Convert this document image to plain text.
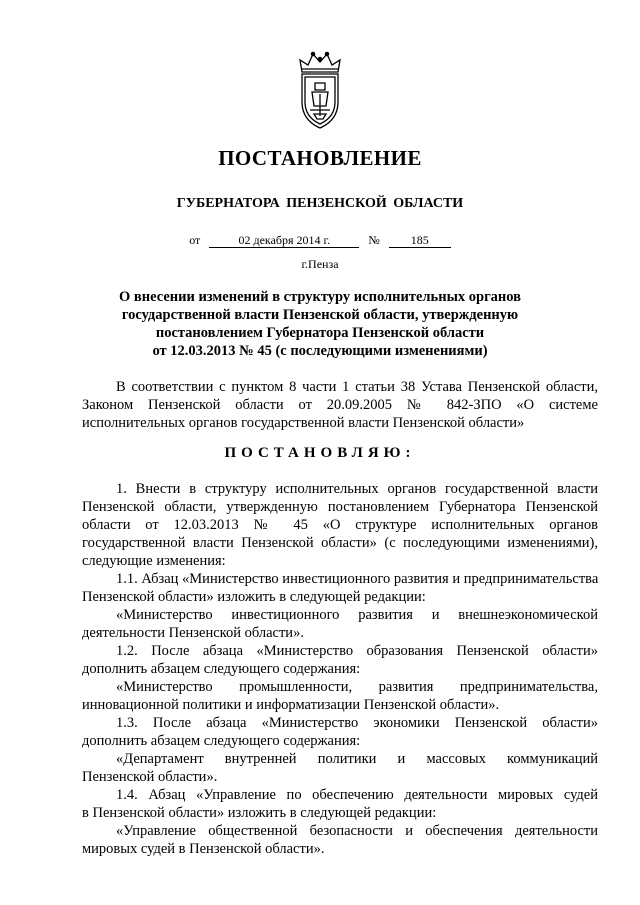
ПОСТАНОВЛЕНИЕ
ГУБЕРНАТОРА ПЕНЗЕНСКОЙ ОБЛАСТИ
от	02 декабря 2014 г.	№	185
г.Пенза
О внесении изменений в структуру исполнительных органов
государственной власти Пензенской области, утвержденную
постановлением Губернатора Пензенской области
от 12.03.2013 № 45 (с последующими изменениями)
В соответствии с пунктом 8 части 1 статьи 38 Устава Пензенской области,
Законом Пензенской области от 20.09.2005 № 842-ЗПО «О системе
исполнительных органов государственной власти Пензенской области»
ПОСТАНОВЛЯЮ:
1. Внести в структуру исполнительных органов государственной власти
Пензенской области, утвержденную постановлением Губернатора Пензенской
области от 12.03.2013 № 45 «О структуре исполнительных органов
государственной власти Пензенской области» (с последующими изменениями),
следующие изменения:
1.1. Абзац «Министерство инвестиционного развития и предпринимательства
Пензенской области» изложить в следующей редакции:
«Министерство инвестиционного развития и внешнеэкономической
деятельности Пензенской области».
1.2. После абзаца «Министерство образования Пензенской области»
дополнить абзацем следующего содержания:
«Министерство промышленности, развития предпринимательства,
инновационной политики и информатизации Пензенской области».
1.3. После абзаца «Министерство экономики Пензенской области»
дополнить абзацем следующего содержания:
«Департамент внутренней политики и массовых коммуникаций
Пензенской области».
1.4. Абзац «Управление по обеспечению деятельности мировых судей
в Пензенской области» изложить в следующей редакции:
«Управление общественной безопасности и обеспечения деятельности
мировых судей в Пензенской области».
